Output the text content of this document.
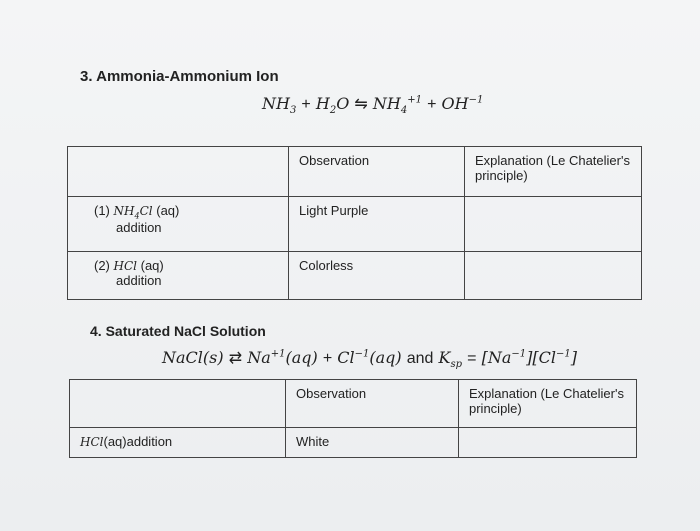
3. Ammonia-Ammonium Ion
$NH_3 + H_2O$ ⇋ $NH_4^{+1} + OH^{-1}$
	Observation	Explanation (Le Chatelier's principle)
(1) $NH_4Cl$ (aq)
addition	Light Purple	
(2) HCl (aq)
addition	Colorless	
4. Saturated NaCl Solution
NaCl(s) ⇄ $Na^{+1}(aq) + Cl^{-1}(aq)$ and $K_{sp} = [Na^{-1}][Cl^{-1}]$
	Observation	Explanation (Le Chatelier's principle)
HCl(aq)addition	White	
